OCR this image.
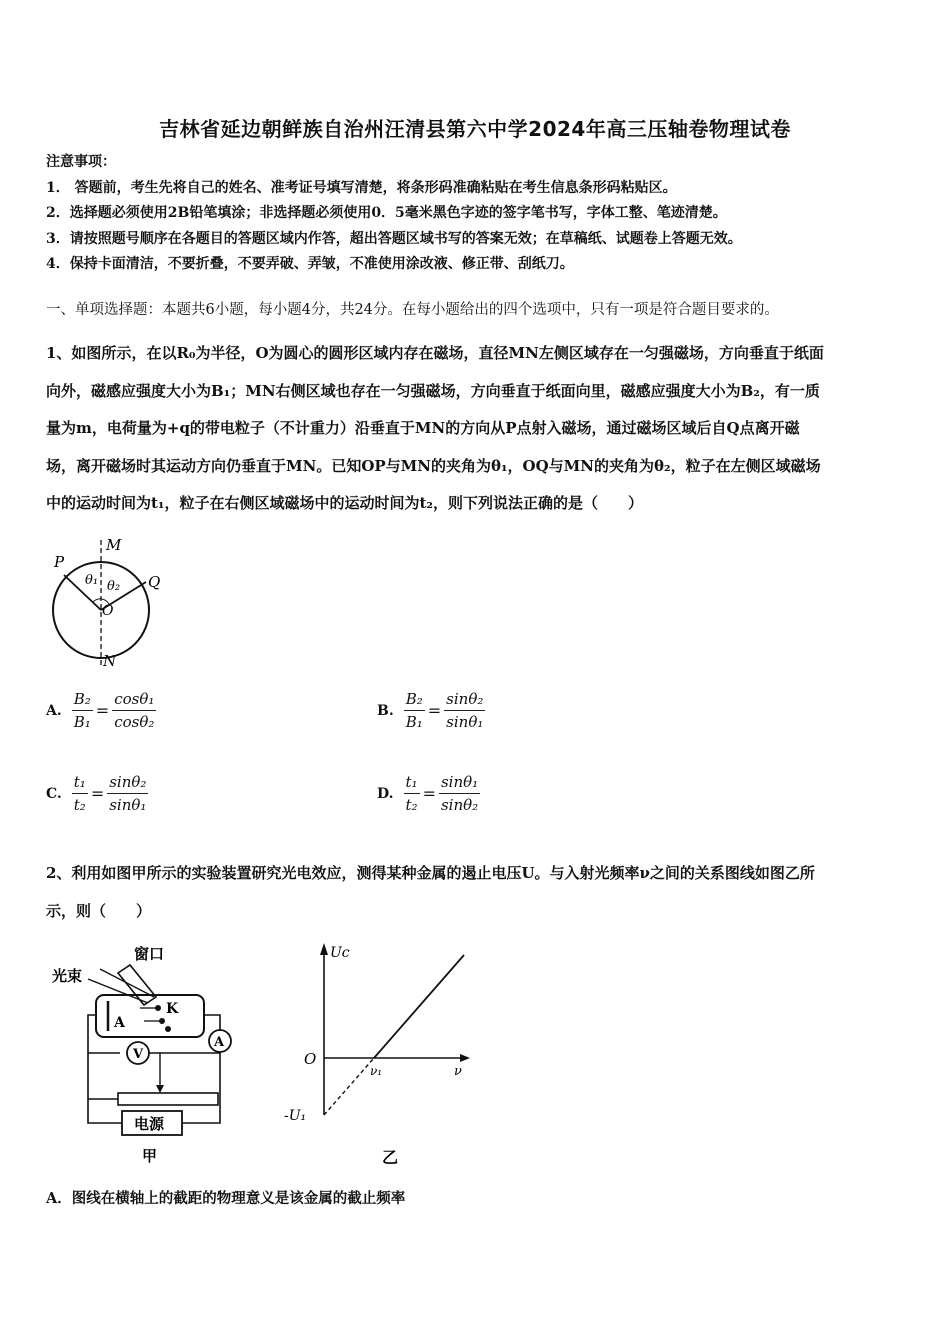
吉林省延边朝鲜族自治州汪清县第六中学2024年高三压轴卷物理试卷
注意事项：
1． 答题前，考生先将自己的姓名、准考证号填写清楚，将条形码准确粘贴在考生信息条形码粘贴区。
2．选择题必须使用2B铅笔填涂；非选择题必须使用0．5毫米黑色字迹的签字笔书写，字体工整、笔迹清楚。
3．请按照题号顺序在各题目的答题区域内作答，超出答题区域书写的答案无效；在草稿纸、试题卷上答题无效。
4．保持卡面清洁，不要折叠，不要弄破、弄皱，不准使用涂改液、修正带、刮纸刀。
一、单项选择题：本题共6小题，每小题4分，共24分。在每小题给出的四个选项中，只有一项是符合题目要求的。
1、如图所示，在以R₀为半径，O为圆心的圆形区域内存在磁场，直径MN左侧区域存在一匀强磁场，方向垂直于纸面
向外，磁感应强度大小为B₁；MN右侧区域也存在一匀强磁场，方向垂直于纸面向里，磁感应强度大小为B₂，有一质
量为m，电荷量为+q的带电粒子（不计重力）沿垂直于MN的方向从P点射入磁场，通过磁场区域后自Q点离开磁
场，离开磁场时其运动方向仍垂直于MN。已知OP与MN的夹角为θ₁，OQ与MN的夹角为θ₂，粒子在左侧区域磁场
中的运动时间为t₁，粒子在右侧区域磁场中的运动时间为t₂，则下列说法正确的是（　　）
M
N
P
Q
O
θ₁ θ₂
A. $\frac{\text{B₂}}{\text{B₁}} = \frac{\text{cosθ₁}}{\text{cosθ₂}}$	B. $\frac{\text{B₂}}{\text{B₁}} = \frac{\text{sinθ₂}}{\text{sinθ₁}}$
C. $\frac{\text{t₁}}{\text{t₂}} = \frac{\text{sinθ₂}}{\text{sinθ₁}}$	D. $\frac{\text{t₁}}{\text{t₂}} = \frac{\text{sinθ₁}}{\text{sinθ₂}}$
2、利用如图甲所示的实验装置研究光电效应，测得某种金属的遏止电压U。与入射光频率ν之间的关系图线如图乙所
示，则（　　）
窗口
光束
A
K
A
V
电源
甲
Uc
O
ν
ν₁
-U₁
乙
A．图线在横轴上的截距的物理意义是该金属的截止频率
